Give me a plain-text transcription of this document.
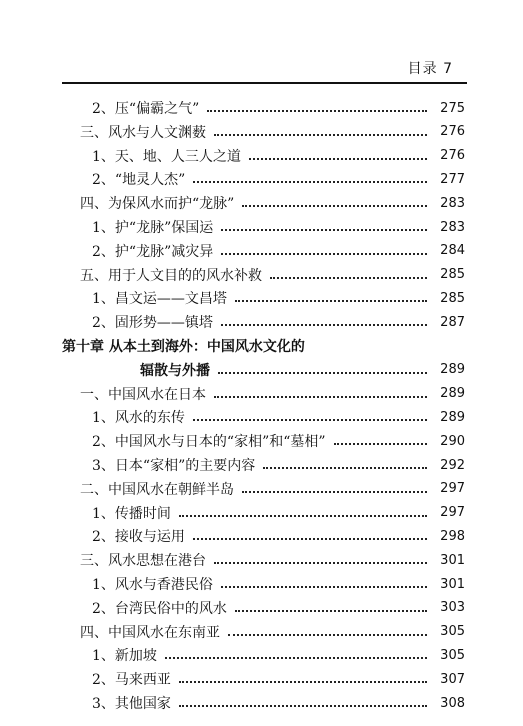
目录 7
2、压“偏霸之气”	275
三、风水与人文渊薮	276
1、天、地、人三人之道	276
2、“地灵人杰”	277
四、为保风水而护“龙脉”	283
1、护“龙脉”保国运	283
2、护“龙脉”减灾异	284
五、用于人文目的的风水补救	285
1、昌文运——文昌塔	285
2、固形势——镇塔	287
第十章 从本土到海外：中国风水文化的
辐散与外播	289
一、中国风水在日本	289
1、风水的东传	289
2、中国风水与日本的“家相”和“墓相”	290
3、日本“家相”的主要内容	292
二、中国风水在朝鲜半岛	297
1、传播时间	297
2、接收与运用	298
三、风水思想在港台	301
1、风水与香港民俗	301
2、台湾民俗中的风水	303
四、中国风水在东南亚	305
1、新加坡	305
2、马来西亚	307
3、其他国家	308
